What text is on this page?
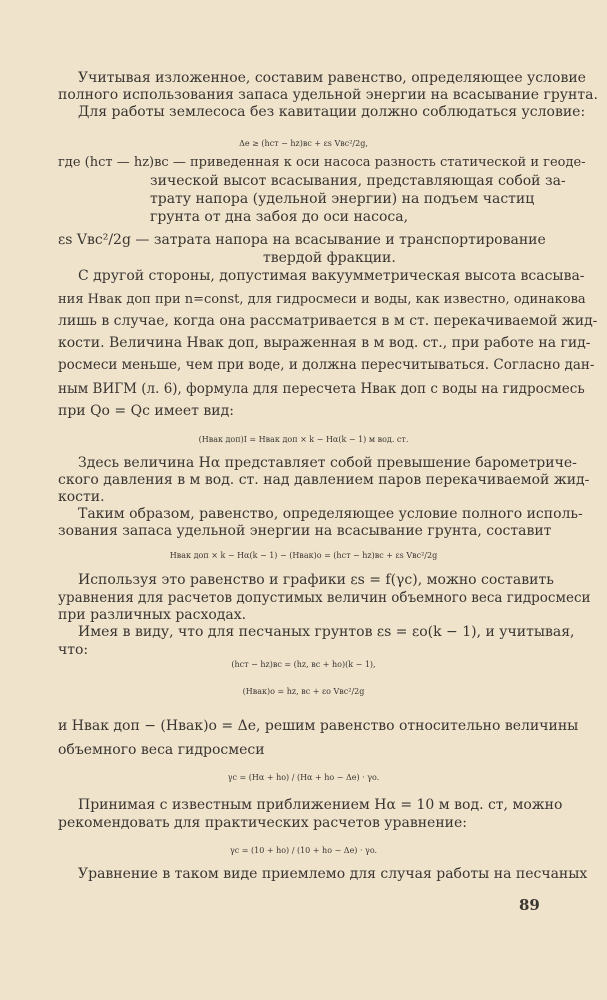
Учитывая изложенное, составим равенство, определяющее условие
полного использования запаса удельной энергии на всасывание грунта.
Для работы землесоса без кавитации должно соблюдаться условие:
Δe ≥ (hст − hz)вс + εs Vвс²/2g,
где (hст — hz)вс — приведенная к оси насоса разность статической и геоде-
зической высот всасывания, представляющая собой за-
трату напора (удельной энергии) на подъем частиц
грунта от дна забоя до оси насоса,
εs Vвс²/2g — затрата напора на всасывание и транспортирование
твердой фракции.
С другой стороны, допустимая вакуумметрическая высота всасыва-
ния Hвак доп при n=const, для гидросмеси и воды, как известно, одинакова
лишь в случае, когда она рассматривается в м ст. перекачиваемой жид-
кости. Величина Hвак доп, выраженная в м вод. ст., при работе на гид-
росмеси меньше, чем при воде, и должна пересчитываться. Согласно дан-
ным ВИГМ (л. 6), формула для пересчета Hвак доп с воды на гидросмесь
при Qo = Qc имеет вид:
(Hвак доп)I = Hвак доп × k − Hα(k − 1) м вод. ст.
Здесь величина Hα представляет собой превышение барометриче-
ского давления в м вод. ст. над давлением паров перекачиваемой жид-
кости.
Таким образом, равенство, определяющее условие полного исполь-
зования запаса удельной энергии на всасывание грунта, составит
Hвак доп × k − Hα(k − 1) − (Hвак)o = (hст − hz)вс + εs Vвс²/2g
Используя это равенство и графики εs = f(γc), можно составить
уравнения для расчетов допустимых величин объемного веса гидросмеси
при различных расходах.
Имея в виду, что для песчаных грунтов εs = εo(k − 1), и учитывая,
что:
(hст − hz)вс = (hz, вс + ho)(k − 1),
(Hвак)o = hz, вс + εo Vвс²/2g
и Hвак доп − (Hвак)o = Δe, решим равенство относительно величины
объемного веса гидросмеси
γc = (Hα + ho) / (Hα + ho − Δe) · γo.
Принимая с известным приближением Hα = 10 м вод. ст, можно
рекомендовать для практических расчетов уравнение:
γc = (10 + ho) / (10 + ho − Δe) · γo.
Уравнение в таком виде приемлемо для случая работы на песчаных
89
